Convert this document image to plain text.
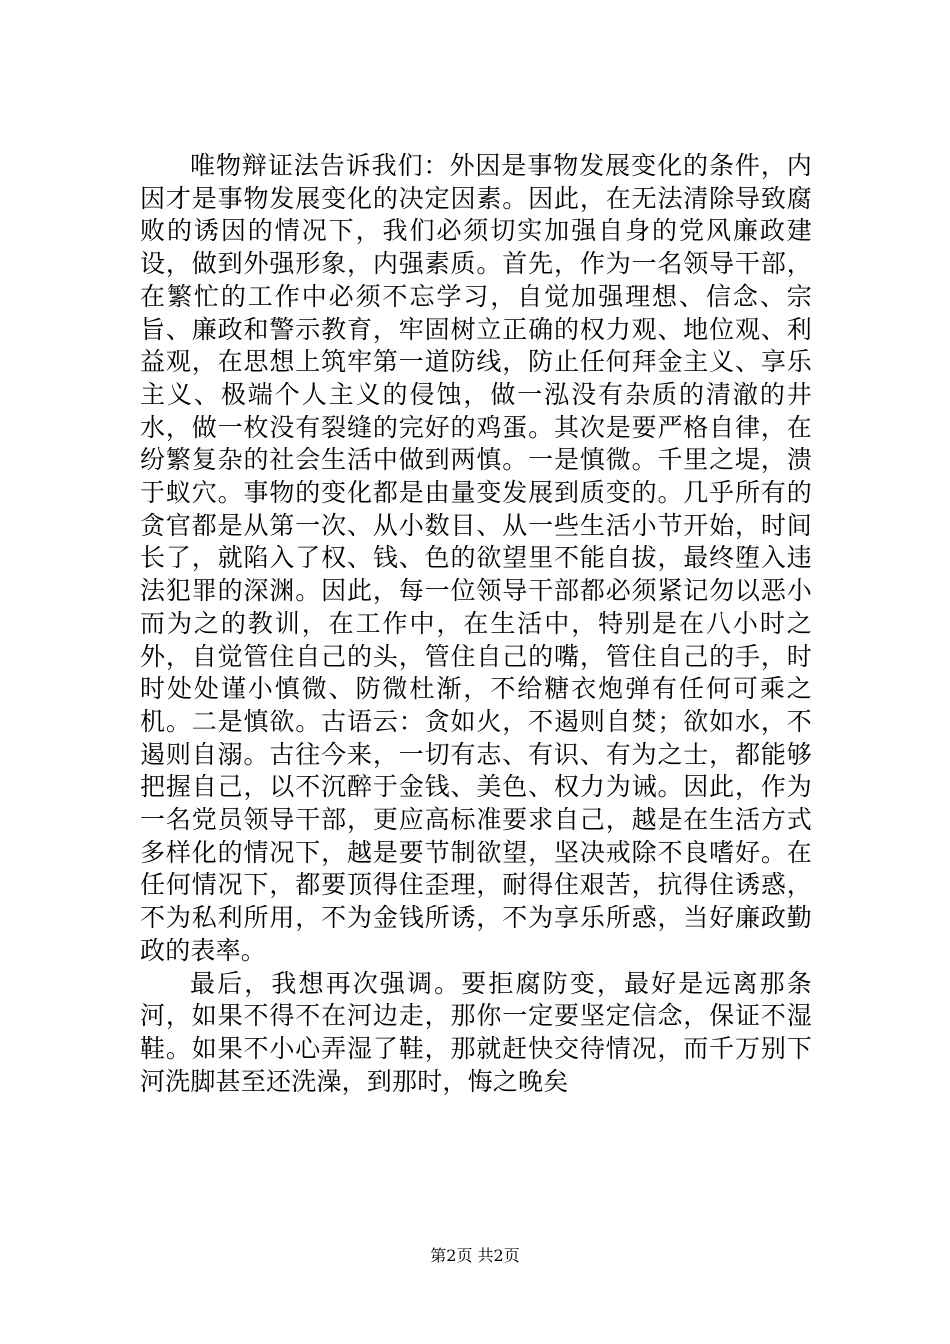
唯物辩证法告诉我们：外因是事物发展变化的条件，内因才是事物发展变化的决定因素。因此，在无法清除导致腐败的诱因的情况下，我们必须切实加强自身的党风廉政建设，做到外强形象，内强素质。首先，作为一名领导干部，在繁忙的工作中必须不忘学习，自觉加强理想、信念、宗旨、廉政和警示教育，牢固树立正确的权力观、地位观、利益观，在思想上筑牢第一道防线，防止任何拜金主义、享乐主义、极端个人主义的侵蚀，做一泓没有杂质的清澈的井水，做一枚没有裂缝的完好的鸡蛋。其次是要严格自律，在纷繁复杂的社会生活中做到两慎。一是慎微。千里之堤，溃于蚁穴。事物的变化都是由量变发展到质变的。几乎所有的贪官都是从第一次、从小数目、从一些生活小节开始，时间长了，就陷入了权、钱、色的欲望里不能自拔，最终堕入违法犯罪的深渊。因此，每一位领导干部都必须紧记勿以恶小而为之的教训，在工作中，在生活中，特别是在八小时之外，自觉管住自己的头，管住自己的嘴，管住自己的手，时时处处谨小慎微、防微杜渐，不给糖衣炮弹有任何可乘之机。二是慎欲。古语云：贪如火，不遏则自焚；欲如水，不遏则自溺。古往今来，一切有志、有识、有为之士，都能够把握自己，以不沉醉于金钱、美色、权力为诫。因此，作为一名党员领导干部，更应高标准要求自己，越是在生活方式多样化的情况下，越是要节制欲望，坚决戒除不良嗜好。在任何情况下，都要顶得住歪理，耐得住艰苦，抗得住诱惑，不为私利所用，不为金钱所诱，不为享乐所惑，当好廉政勤政的表率。

最后，我想再次强调。要拒腐防变，最好是远离那条河，如果不得不在河边走，那你一定要坚定信念，保证不湿鞋。如果不小心弄湿了鞋，那就赶快交待情况，而千万别下河洗脚甚至还洗澡，到那时，悔之晚矣

第2页 共2页
